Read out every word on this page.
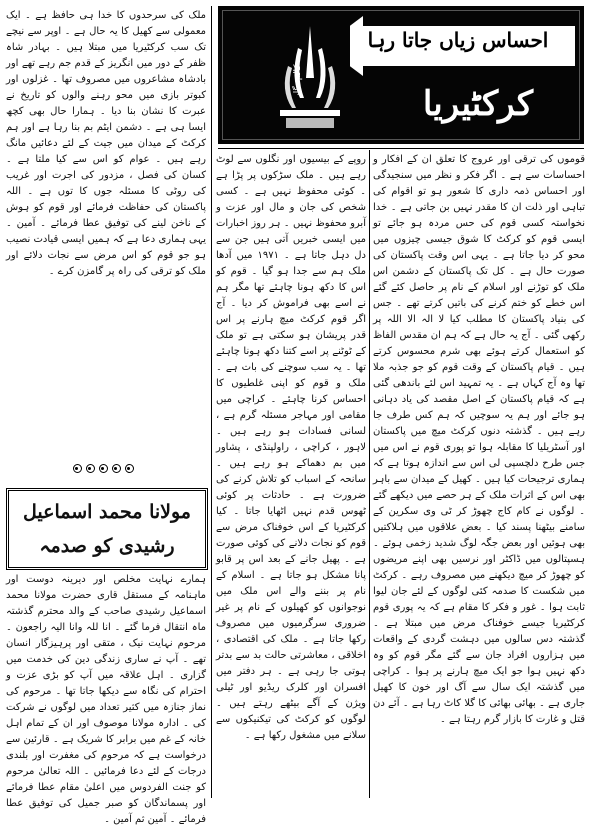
احساس زیاں جاتا رہا
کرکٹیریا
کالم نگار

قوموں کی ترقی اور عروج کا تعلق ان کے افکار و احساسات سے ہے ۔ اگر فکر و نظر میں سنجیدگی اور احساس ذمہ داری کا شعور ہو تو اقوام کی تباہی اور ذلت ان کا مقدر نہیں بن جاتی ہے ۔ خدا نخواستہ کسی قوم کی حس مردہ ہو جائے تو ایسی قوم کو کرکٹ کا شوق جیسی چیزوں میں محو کر دیا جاتا ہے ۔ یہی اس وقت پاکستان کی صورت حال ہے ۔ کل تک پاکستان کے دشمن اس ملک کو توڑنے اور اسلام کے نام پر حاصل کئے گئے اس خطے کو ختم کرنے کی باتیں کرتے تھے ۔ جس کی بنیاد پاکستان کا مطلب کیا لا الہ الا اللہ پر رکھی گئی ۔ آج یہ حال ہے کہ ہم ان مقدس الفاظ کو استعمال کرتے ہوئے بھی شرم محسوس کرتے ہیں ۔ قیام پاکستان کے وقت قوم کو جو جذبہ ملا تھا وہ آج کہاں ہے ۔ یہ تمہید اس لئے باندھی گئی ہے کہ قیام پاکستان کے اصل مقصد کی یاد دہانی ہو جائے اور ہم یہ سوچیں کہ ہم کس طرف جا رہے ہیں ۔ گذشتہ دنوں کرکٹ میچ میں پاکستان اور آسٹریلیا کا مقابلہ ہوا تو پوری قوم نے اس میں جس طرح دلچسپی لی اس سے اندازہ ہوتا ہے کہ ہماری ترجیحات کیا ہیں ۔ کھیل کے میدان سے باہر بھی اس کے اثرات ملک کے ہر حصے میں دیکھے گئے ۔ لوگوں نے کام کاج چھوڑ کر ٹی وی سکرین کے سامنے بیٹھنا پسند کیا ۔ بعض علاقوں میں ہلاکتیں بھی ہوئیں اور بعض جگہ لوگ شدید زخمی ہوئے ۔ ہسپتالوں میں ڈاکٹر اور نرسیں بھی اپنے مریضوں کو چھوڑ کر میچ دیکھنے میں مصروف رہے ۔ کرکٹ میں شکست کا صدمہ کئی لوگوں کے لئے جان لیوا ثابت ہوا ۔ غور و فکر کا مقام ہے کہ یہ پوری قوم کرکٹیریا جیسے خوفناک مرض میں مبتلا ہے ۔ گذشتہ دس سالوں میں دہشت گردی کے واقعات میں ہزاروں افراد جان سے گئے مگر قوم کو وہ دکھ نہیں ہوا جو ایک میچ ہارنے پر ہوا ۔ کراچی میں گذشتہ ایک سال سے آگ اور خون کا کھیل جاری ہے ۔ بھائی بھائی کا گلا کاٹ رہا ہے ۔ آئے دن قتل و غارت کا بازار گرم رہتا ہے ۔

روپے کے بیسیوں اور نگلوں سے لوٹ رہے ہیں ۔ ملک سڑکوں پر پڑا ہے ۔ کوئی محفوظ نہیں ہے ۔ کسی شخص کی جان و مال اور عزت و آبرو محفوظ نہیں ۔ ہر روز اخبارات میں ایسی خبریں آتی ہیں جن سے دل دہل جاتا ہے ۔ ۱۹۷۱ میں آدھا ملک ہم سے جدا ہو گیا ۔ قوم کو اس کا دکھ ہونا چاہئے تھا مگر ہم نے اسے بھی فراموش کر دیا ۔ آج اگر قوم کرکٹ میچ ہارنے پر اس قدر پریشان ہو سکتی ہے تو ملک کے ٹوٹنے پر اسے کتنا دکھ ہونا چاہئے تھا ۔ یہ سب سوچنے کی بات ہے ۔ ملک و قوم کو اپنی غلطیوں کا احساس کرنا چاہئے ۔ کراچی میں مقامی اور مہاجر مسئلہ گرم ہے ، لسانی فسادات ہو رہے ہیں ۔ لاہور ، کراچی ، راولپنڈی ، پشاور میں بم دھماکے ہو رہے ہیں ۔ سانحہ کے اسباب کو تلاش کرنے کی ضرورت ہے ۔ حادثات پر کوئی ٹھوس قدم نہیں اٹھایا جاتا ۔ کیا کرکٹیریا کے اس خوفناک مرض سے قوم کو نجات دلانے کی کوئی صورت ہے ۔ پھیل جانے کے بعد اس پر قابو پانا مشکل ہو جاتا ہے ۔ اسلام کے نام پر بننے والے اس ملک میں نوجوانوں کو کھیلوں کے نام پر غیر ضروری سرگرمیوں میں مصروف رکھا جاتا ہے ۔ ملک کی اقتصادی ، اخلاقی ، معاشرتی حالت بد سے بدتر ہوتی جا رہی ہے ۔ ہر دفتر میں افسران اور کلرک ریڈیو اور ٹیلی ویژن کے آگے بیٹھے رہتے ہیں ۔ لوگوں کو کرکٹ کی تیکنیکوں سے سلانے میں مشغول رکھا ہے ۔

ملک کی سرحدوں کا خدا ہی حافظ ہے ۔ ایک معمولی سے کھیل کا یہ حال ہے ۔ اوپر سے نیچے تک سب کرکٹیریا میں مبتلا ہیں ۔ بہادر شاہ ظفر کے دور میں انگریز کے قدم جم رہے تھے اور بادشاہ مشاعروں میں مصروف تھا ۔ غزلوں اور کبوتر بازی میں محو رہنے والوں کو تاریخ نے عبرت کا نشان بنا دیا ۔ ہمارا حال بھی کچھ ایسا ہی ہے ۔ دشمن ایٹم بم بنا رہا ہے اور ہم کرکٹ کے میدان میں جیت کے لئے دعائیں مانگ رہے ہیں ۔ عوام کو اس سے کیا ملتا ہے ۔ کسان کی فصل ، مزدور کی اجرت اور غریب کی روٹی کا مسئلہ جوں کا توں ہے ۔ اللہ پاکستان کی حفاظت فرمائے اور قوم کو ہوش کے ناخن لینے کی توفیق عطا فرمائے ۔ آمین ۔ یہی ہماری دعا ہے کہ ہمیں ایسی قیادت نصیب ہو جو قوم کو اس مرض سے نجات دلائے اور ملک کو ترقی کی راہ پر گامزن کرے ۔

مولانا محمد اسماعیل رشیدی کو صدمہ

ہمارے نہایت مخلص اور دیرینہ دوست اور ماہنامہ کے مستقل قاری حضرت مولانا محمد اسماعیل رشیدی صاحب کے والد محترم گذشتہ ماہ انتقال فرما گئے ۔ انا للہ وانا الیہ راجعون ۔ مرحوم نہایت نیک ، متقی اور پرہیزگار انسان تھے ۔ آپ نے ساری زندگی دین کی خدمت میں گزاری ۔ اہل علاقہ میں آپ کو بڑی عزت و احترام کی نگاہ سے دیکھا جاتا تھا ۔ مرحوم کی نماز جنازہ میں کثیر تعداد میں لوگوں نے شرکت کی ۔ ادارہ مولانا موصوف اور ان کے تمام اہل خانہ کے غم میں برابر کا شریک ہے ۔ قارئین سے درخواست ہے کہ مرحوم کی مغفرت اور بلندی درجات کے لئے دعا فرمائیں ۔ اللہ تعالیٰ مرحوم کو جنت الفردوس میں اعلیٰ مقام عطا فرمائے اور پسماندگان کو صبر جمیل کی توفیق عطا فرمائے ۔ آمین ثم آمین ۔
